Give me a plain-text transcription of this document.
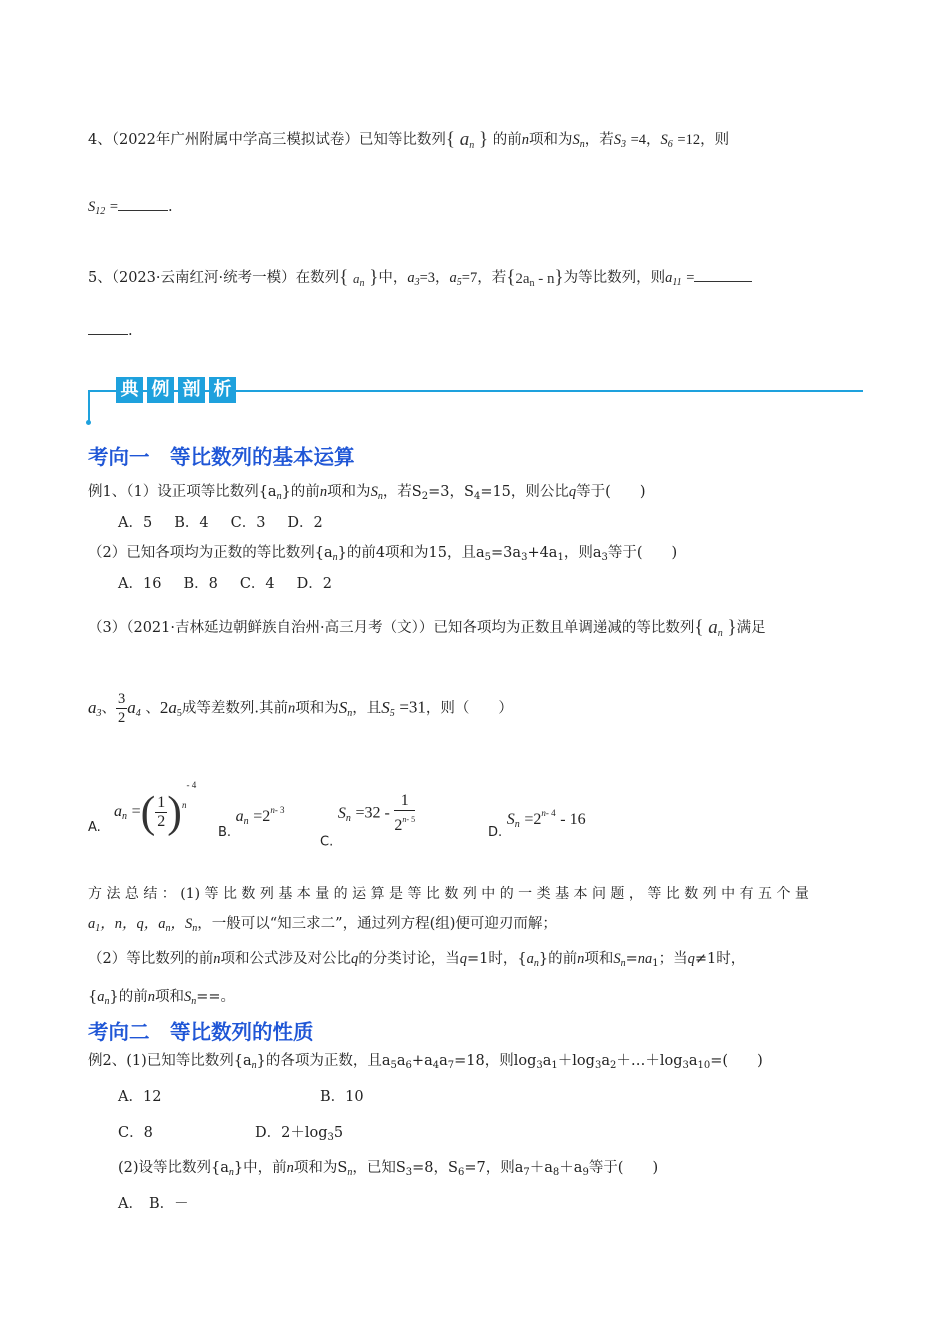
4、（2022年广州附属中学高三模拟试卷）已知等比数列{ $a_n$ } 的前n项和为$S_n$，若$S_3 =4$，$S_6 =12$，则
$S_{12}$ =	.
5、（2023·云南红河·统考一模）在数列{ $a_n$ }中，$a_3=3$，$a_5=7$，若$\{2a_n - n\}$为等比数列，则$a_{11}$ =
.
典 例 剖 析
考向一　等比数列的基本运算
例1、（1）设正项等比数列$\{a_n\}$的前n项和为$S_n$，若$S_2=3$，$S_4=15$，则公比q等于(　　)
A．5 B．4 C．3 D．2
（2）已知各项均为正数的等比数列$\{a_n\}$的前4项和为15，且$a_5=3a_3+4a_1$，则$a_3$等于(　　)
A．16 B．8 C．4 D．2
（3）（2021·吉林延边朝鲜族自治州·高三月考（文））已知各项均为正数且单调递减的等比数列{ $a_n$ }满足
$a_3$、 $\frac{3}{2} a_4$ 、$2a_5$成等差数列.其前n项和为$S_n$，且$S_5 =31$，则（　　）
A.
$a_n$ =( $\frac{1}{2} )^{n- 4}$
B. $a_n =2^{n- 3}$
C. $S_n =32 - \frac{1}{2^{n- 5}}$	D. $S_n =2^{n- 4} - 16$
方 法 总 结 ： (1) 等 比 数 列 基 本 量 的 运 算 是 等 比 数 列 中 的 一 类 基 本 问 题 ， 等 比 数 列 中 有 五 个 量
$a_1$，n，q，$a_n$，$S_n$，一般可以“知三求二”，通过列方程(组)便可迎刃而解；
（2）等比数列的前n项和公式涉及对公比q的分类讨论，当q=1时，$\{a_n\}$的前n项和$S_n=na_1$；当q≠1时，
$\{a_n\}$的前n项和$S_n==$。
考向二　等比数列的性质
例2、(1)已知等比数列$\{a_n\}$的各项为正数，且$a_5a_6+a_4a_7=18$，则$\log_3a_1+\log_3a_2+\dots+\log_3a_{10}=$(　　)
A．12	B．10
C．8	D．$2+\log_35$
(2)设等比数列$\{a_n\}$中，前n项和为$S_n$，已知$S_3=8$，$S_6=7$，则$a_7+a_8+a_9$等于(　　)
A． B．－
